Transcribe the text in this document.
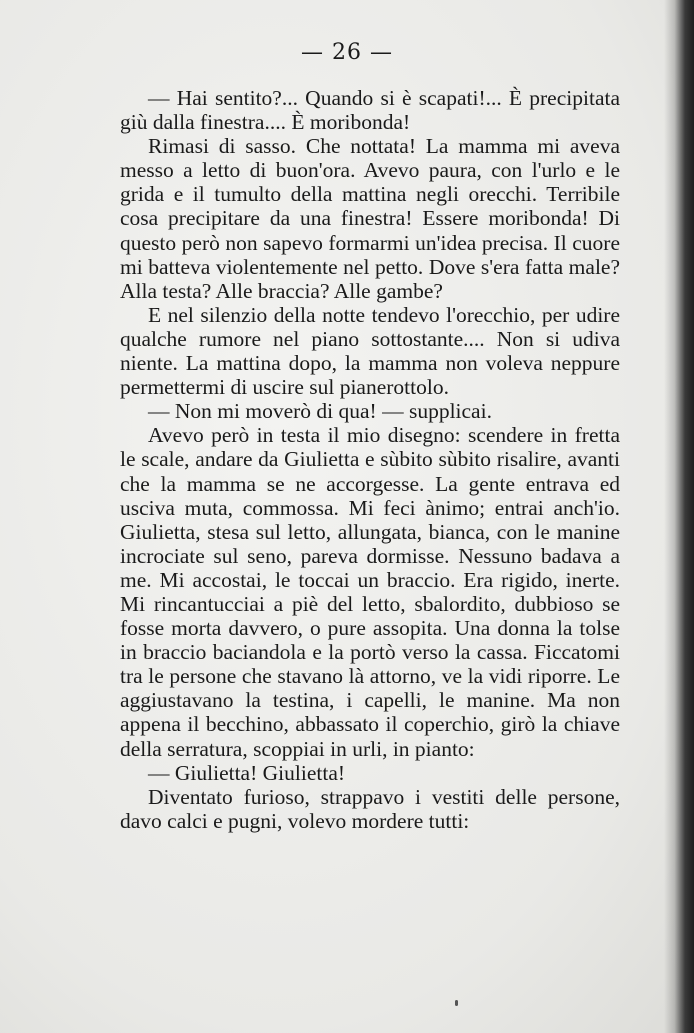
— 26 —

— Hai sentito?... Quando si è scapati!... È precipitata giù dalla finestra.... È moribonda!

Rimasi di sasso. Che nottata! La mamma mi aveva messo a letto di buon'ora. Avevo paura, con l'urlo e le grida e il tumulto della mattina negli orecchi. Terribile cosa precipitare da una finestra! Essere moribonda! Di questo però non sapevo formarmi un'idea precisa. Il cuore mi batteva violentemente nel petto. Dove s'era fatta male? Alla testa? Alle braccia? Alle gambe?

E nel silenzio della notte tendevo l'orecchio, per udire qualche rumore nel piano sottostante.... Non si udiva niente. La mattina dopo, la mamma non voleva neppure permettermi di uscire sul pianerottolo.

— Non mi moverò di qua! — supplicai.

Avevo però in testa il mio disegno: scendere in fretta le scale, andare da Giulietta e sùbito sùbito risalire, avanti che la mamma se ne accorgesse. La gente entrava ed usciva muta, commossa. Mi feci ànimo; entrai anch'io. Giulietta, stesa sul letto, allungata, bianca, con le manine incrociate sul seno, pareva dormisse. Nessuno badava a me. Mi accostai, le toccai un braccio. Era rigido, inerte. Mi rincantucciai a piè del letto, sbalordito, dubbioso se fosse morta davvero, o pure assopita. Una donna la tolse in braccio baciandola e la portò verso la cassa. Ficcatomi tra le persone che stavano là attorno, ve la vidi riporre. Le aggiustavano la testina, i capelli, le manine. Ma non appena il becchino, abbassato il coperchio, girò la chiave della serratura, scoppiai in urli, in pianto:

— Giulietta! Giulietta!

Diventato furioso, strappavo i vestiti delle persone, davo calci e pugni, volevo mordere tutti:
